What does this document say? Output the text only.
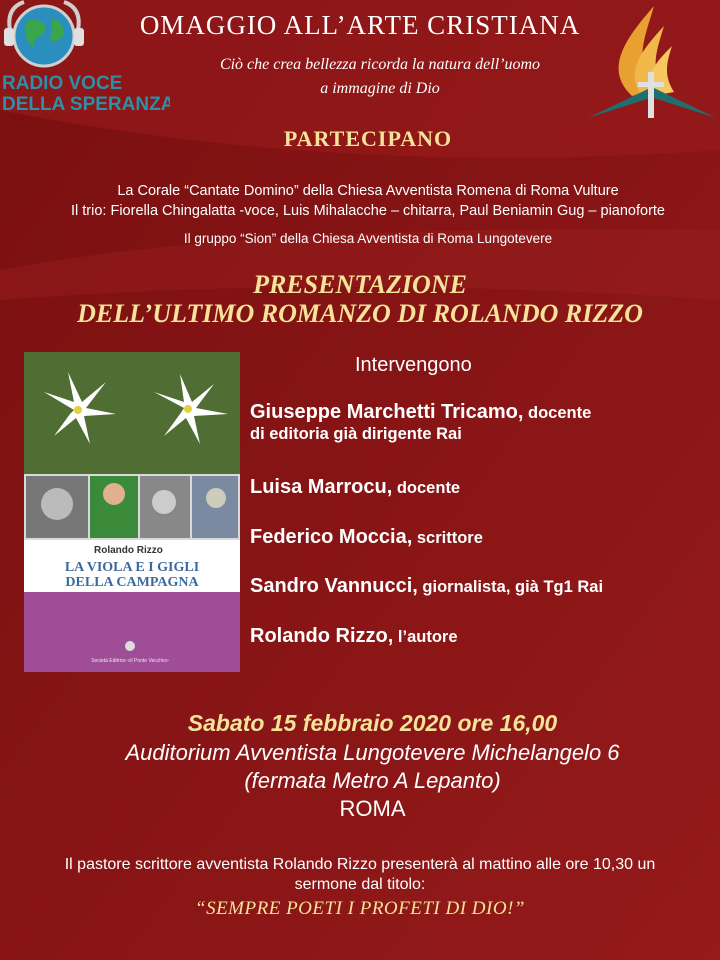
RADIO VOCE
DELLA SPERANZA
OMAGGIO ALL’ARTE CRISTIANA
Ciò che crea bellezza ricorda la natura dell’uomo
a immagine di Dio
PARTECIPANO
La Corale “Cantate Domino” della Chiesa Avventista Romena di Roma Vulture
Il trio: Fiorella Chingalatta -voce, Luis Mihalacche – chitarra, Paul Beniamin Gug – pianoforte
Il gruppo “Sion” della Chiesa Avventista di Roma Lungotevere
PRESENTAZIONE
DELL’ULTIMO ROMANZO DI ROLANDO RIZZO
Rolando Rizzo
LA VIOLA E I GIGLI
DELLA CAMPAGNA
Società Editrice «Il Ponte Vecchio»
Intervengono
Giuseppe Marchetti Tricamo, docente
di editoria già dirigente Rai
Luisa Marrocu, docente
Federico Moccia, scrittore
Sandro Vannucci, giornalista, già Tg1 Rai
Rolando Rizzo, l’autore
Sabato 15 febbraio 2020 ore 16,00
Auditorium Avventista Lungotevere Michelangelo 6
(fermata Metro A Lepanto)
ROMA
Il pastore scrittore avventista Rolando Rizzo presenterà al mattino alle ore 10,30 un
sermone dal titolo:
“SEMPRE POETI I PROFETI DI DIO!”
